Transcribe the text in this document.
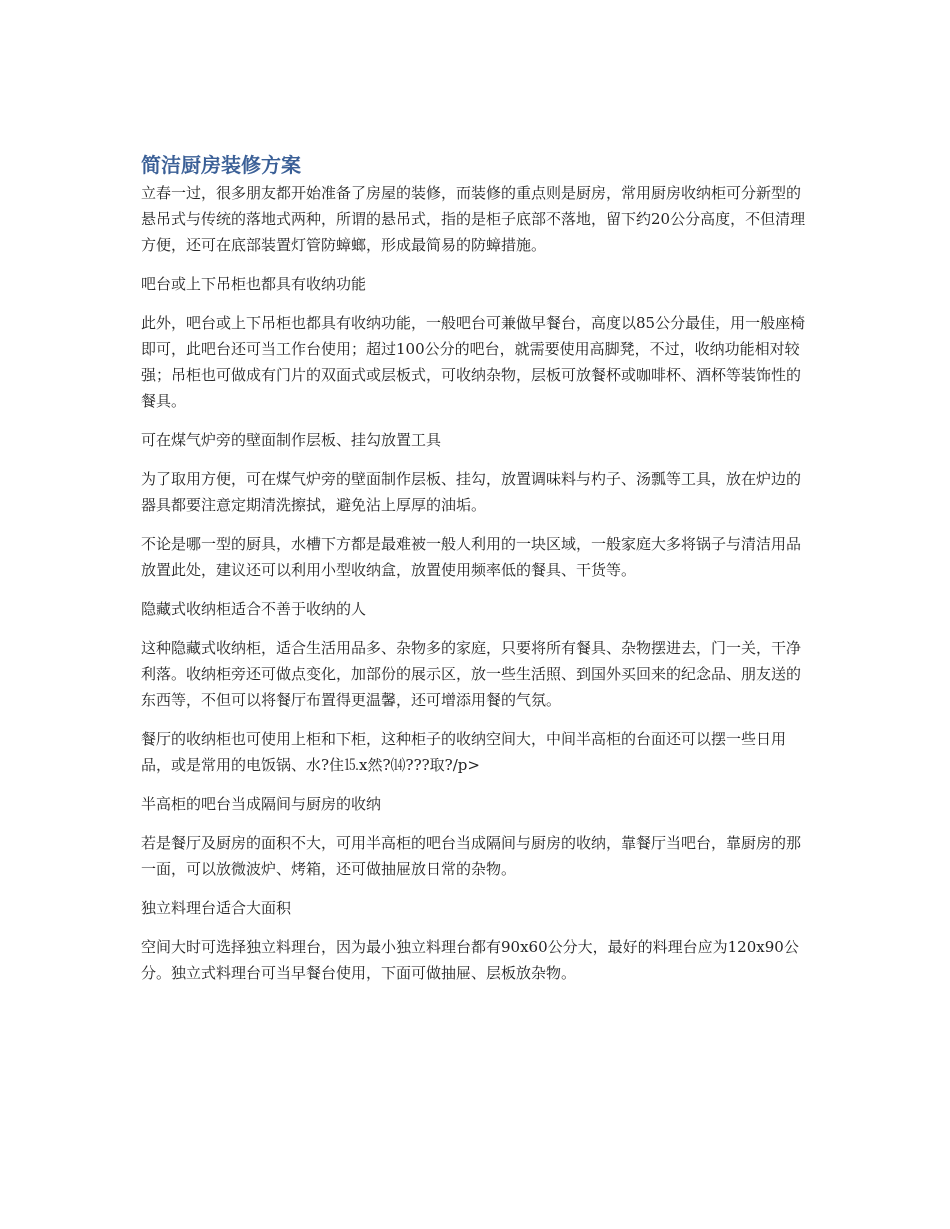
简洁厨房装修方案

立春一过，很多朋友都开始准备了房屋的装修，而装修的重点则是厨房，常用厨房收纳柜可分新型的悬吊式与传统的落地式两种，所谓的悬吊式，指的是柜子底部不落地，留下约20公分高度，不但清理方便，还可在底部装置灯管防蟑螂，形成最简易的防蟑措施。

吧台或上下吊柜也都具有收纳功能

此外，吧台或上下吊柜也都具有收纳功能，一般吧台可兼做早餐台，高度以85公分最佳，用一般座椅即可，此吧台还可当工作台使用；超过100公分的吧台，就需要使用高脚凳，不过，收纳功能相对较强；吊柜也可做成有门片的双面式或层板式，可收纳杂物，层板可放餐杯或咖啡杯、酒杯等装饰性的餐具。

可在煤气炉旁的壁面制作层板、挂勾放置工具

为了取用方便，可在煤气炉旁的壁面制作层板、挂勾，放置调味料与杓子、汤瓢等工具，放在炉边的器具都要注意定期清洗擦拭，避免沾上厚厚的油垢。

不论是哪一型的厨具，水槽下方都是最难被一般人利用的一块区域，一般家庭大多将锅子与清洁用品放置此处，建议还可以利用小型收纳盒，放置使用频率低的餐具、干货等。

隐藏式收纳柜适合不善于收纳的人

这种隐藏式收纳柜，适合生活用品多、杂物多的家庭，只要将所有餐具、杂物摆进去，门一关，干净利落。收纳柜旁还可做点变化，加部份的展示区，放一些生活照、到国外买回来的纪念品、朋友送的东西等，不但可以将餐厅布置得更温馨，还可增添用餐的气氛。

餐厅的收纳柜也可使用上柜和下柜，这种柜子的收纳空间大，中间半高柜的台面还可以摆一些日用品，或是常用的电饭锅、水?住⒖ⅹ然?⒁???取?/p>

半高柜的吧台当成隔间与厨房的收纳

若是餐厅及厨房的面积不大，可用半高柜的吧台当成隔间与厨房的收纳，靠餐厅当吧台，靠厨房的那一面，可以放微波炉、烤箱，还可做抽屉放日常的杂物。

独立料理台适合大面积

空间大时可选择独立料理台，因为最小独立料理台都有90x60公分大，最好的料理台应为120x90公分。独立式料理台可当早餐台使用，下面可做抽屉、层板放杂物。
